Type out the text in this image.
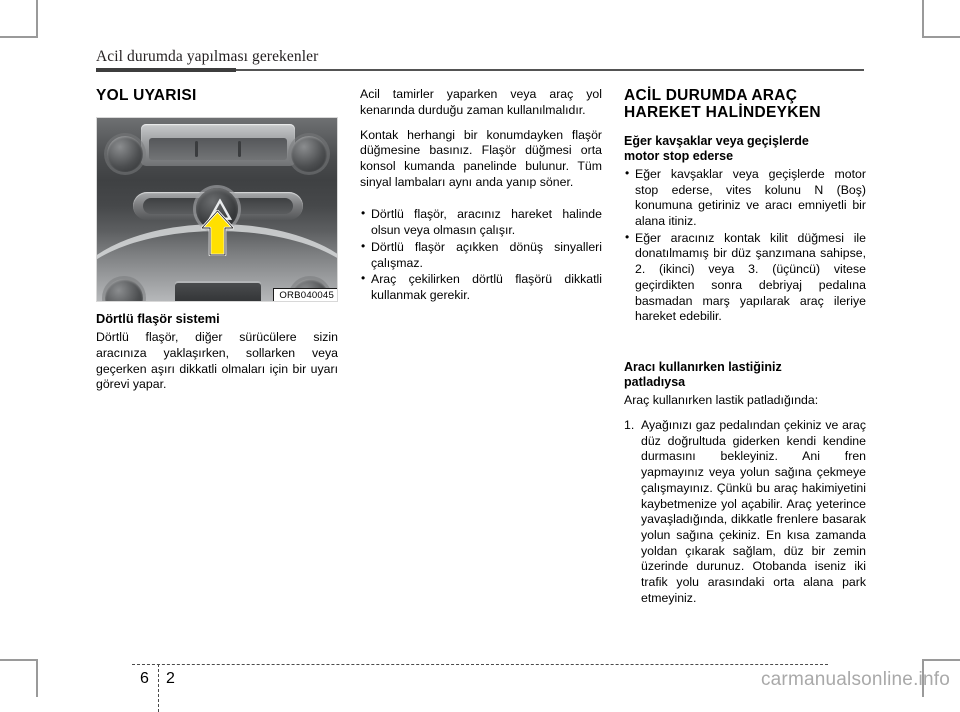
Acil durumda yapılması gerekenler
YOL UYARISI
ORB040045
Dörtlü flaşör sistemi

Dörtlü flaşör, diğer sürücülere sizin aracınıza yaklaşırken, sollarken veya geçerken aşırı dikkatli olmaları için bir uyarı görevi yapar.

Acil tamirler yaparken veya araç yol kenarında durduğu zaman kullanılmalıdır.

Kontak herhangi bir konumdayken flaşör düğmesine basınız. Flaşör düğmesi orta konsol kumanda panelinde bulunur. Tüm sinyal lambaları aynı anda yanıp söner.

• Dörtlü flaşör, aracınız hareket halinde olsun veya olmasın çalışır.
• Dörtlü flaşör açıkken dönüş sinyalleri çalışmaz.
• Araç çekilirken dörtlü flaşörü dikkatli kullanmak gerekir.
ACİL DURUMDA ARAÇ
HAREKET HALİNDEYKEN
Eğer kavşaklar veya geçişlerde
motor stop ederse
• Eğer kavşaklar veya geçişlerde motor stop ederse, vites kolunu N (Boş) konumuna getiriniz ve aracı emniyetli bir alana itiniz.
• Eğer aracınız kontak kilit düğmesi ile donatılmamış bir düz şanzımana sahipse, 2. (ikinci) veya 3. (üçüncü) vitese geçirdikten sonra debriyaj pedalına basmadan marş yapılarak araç ileriye hareket edebilir.
Aracı kullanırken lastiğiniz
patladıysa

Araç kullanırken lastik patladığında:

1. Ayağınızı gaz pedalından çekiniz ve araç düz doğrultuda giderken kendi kendine durmasını bekleyiniz. Ani fren yapmayınız veya yolun sağına çekmeye çalışmayınız. Çünkü bu araç hakimiyetini kaybetmenize yol açabilir. Araç yeterince yavaşladığında, dikkatle frenlere basarak yolun sağına çekiniz. En kısa zamanda yoldan çıkarak sağlam, düz bir zemin üzerinde durunuz. Otobanda iseniz iki trafik yolu arasındaki orta alana park etmeyiniz.
6 2	carmanualsonline.info
